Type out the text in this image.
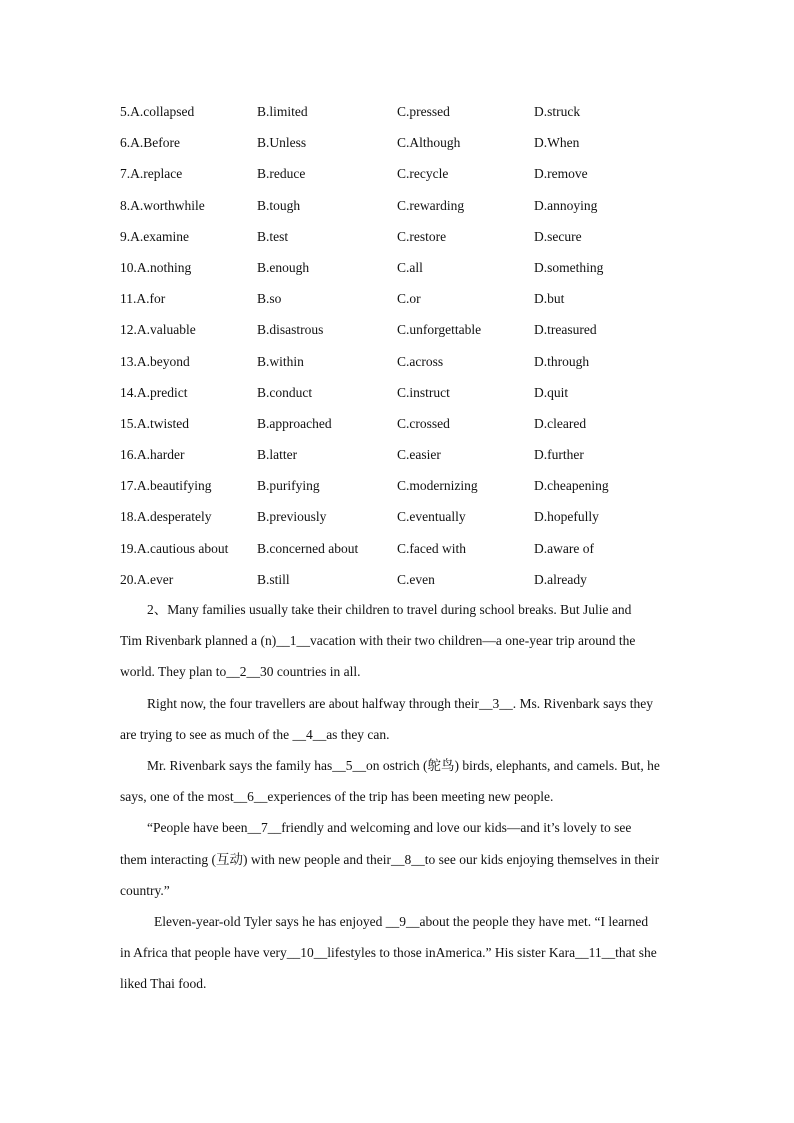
5.A.collapsed	B.limited	C.pressed	D.struck
6.A.Before	B.Unless	C.Although	D.When
7.A.replace	B.reduce	C.recycle	D.remove
8.A.worthwhile	B.tough	C.rewarding	D.annoying
9.A.examine	B.test	C.restore	D.secure
10.A.nothing	B.enough	C.all	D.something
11.A.for	B.so	C.or	D.but
12.A.valuable	B.disastrous	C.unforgettable	D.treasured
13.A.beyond	B.within	C.across	D.through
14.A.predict	B.conduct	C.instruct	D.quit
15.A.twisted	B.approached	C.crossed	D.cleared
16.A.harder	B.latter	C.easier	D.further
17.A.beautifying	B.purifying	C.modernizing	D.cheapening
18.A.desperately	B.previously	C.eventually	D.hopefully
19.A.cautious about B.concerned about	C.faced with	D.aware of
20.A.ever	B.still	C.even	D.already
2、Many families usually take their children to travel during school breaks. But Julie and
Tim Rivenbark planned a (n)__1__vacation with their two children—a one-year trip around the
world. They plan to__2__30 countries in all.
Right now, the four travellers are about halfway through their__3__. Ms. Rivenbark says they
are trying to see as much of the __4__as they can.
Mr. Rivenbark says the family has__5__on ostrich (鸵鸟) birds, elephants, and camels. But, he
says, one of the most__6__experiences of the trip has been meeting new people.
“People have been__7__friendly and welcoming and love our kids—and it’s lovely to see
them interacting (互动) with new people and their__8__to see our kids enjoying themselves in their
country.”
Eleven-year-old Tyler says he has enjoyed __9__about the people they have met. “I learned
in Africa that people have very__10__lifestyles to those inAmerica.” His sister Kara__11__that she
liked Thai food.
